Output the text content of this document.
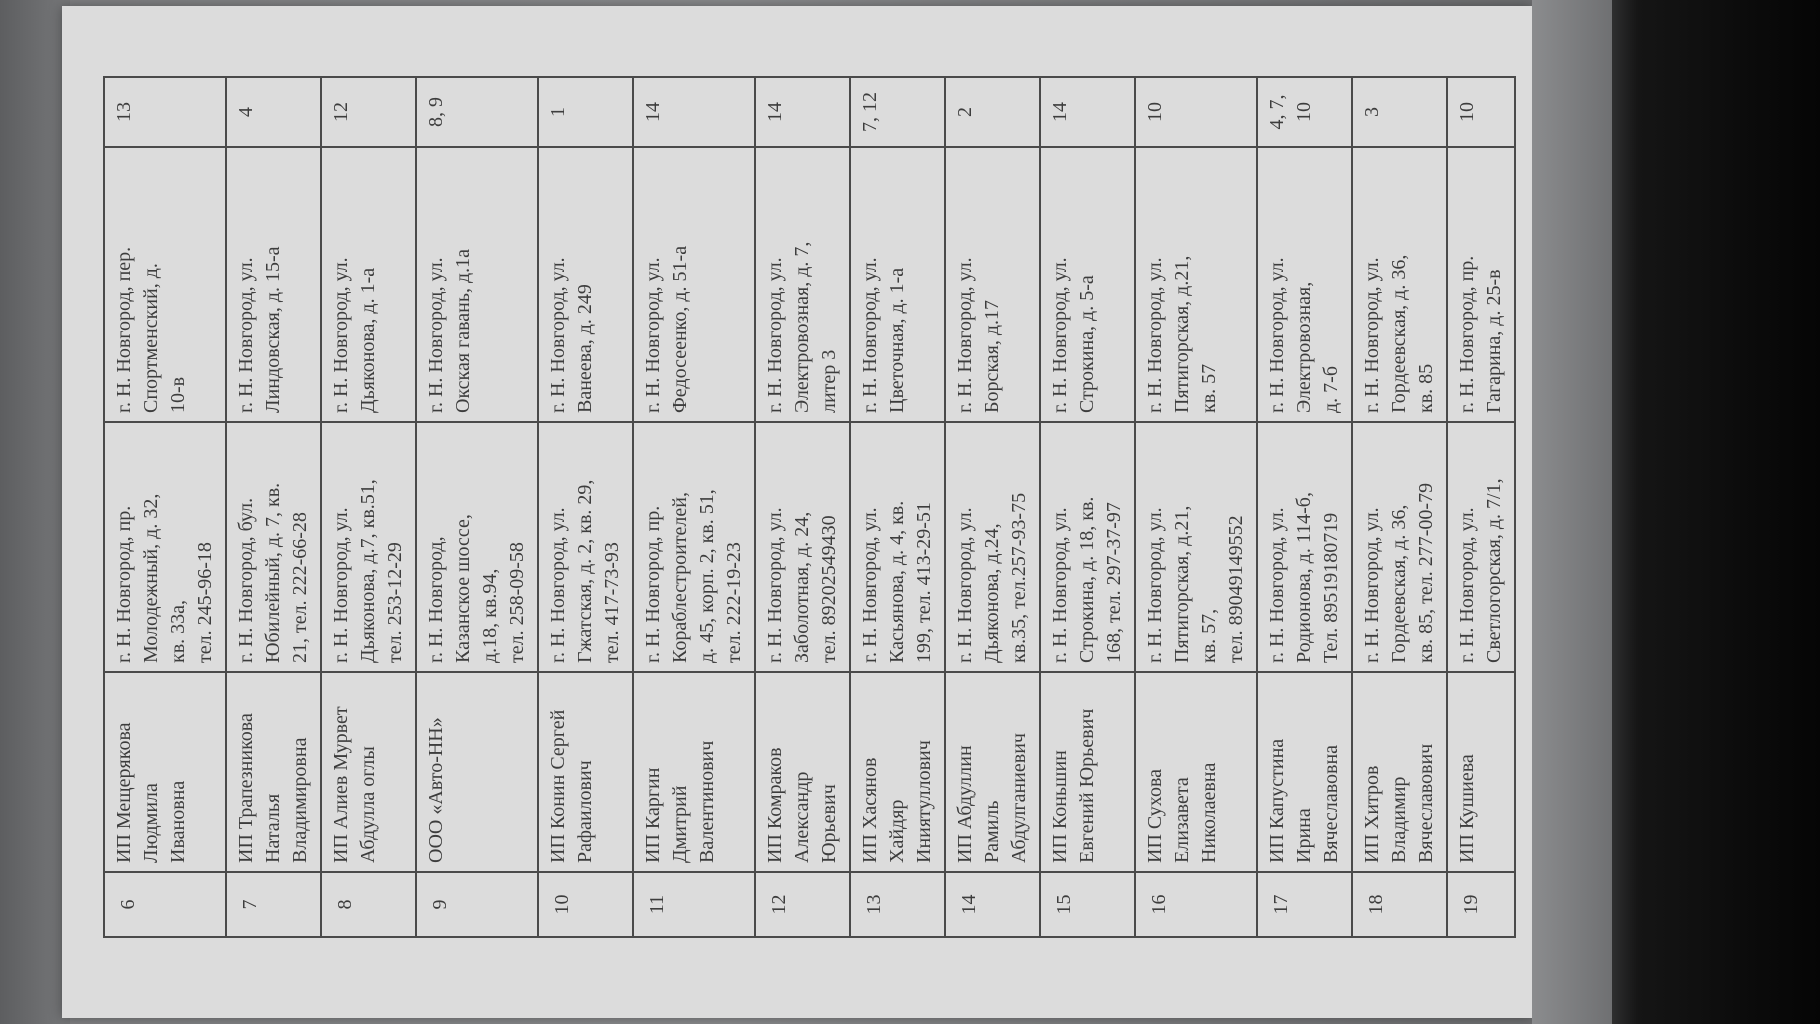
6	ИП Мещерякова
Людмила
Ивановна	г. Н. Новгород, пр.
Молодежный, д. 32,
кв. 33а,
тел. 245-96-18	г. Н. Новгород, пер.
Спортменский, д.
10-в	13
7	ИП Трапезникова
Наталья
Владимировна	г. Н. Новгород, бул.
Юбилейный, д. 7, кв.
21, тел. 222-66-28	г. Н. Новгород, ул.
Линдовская, д. 15-а	4
8	ИП Алиев Мурвет
Абдулла оглы	г. Н. Новгород, ул.
Дьяконова, д.7, кв.51,
тел. 253-12-29	г. Н. Новгород, ул.
Дьяконова, д. 1-а	12
9	ООО «Авто-НН»	г. Н. Новгород,
Казанское шоссе,
д.18, кв.94,
тел. 258-09-58	г. Н. Новгород, ул.
Окская гавань, д.1а	8, 9
10	ИП Конин Сергей
Рафаилович	г. Н. Новгород, ул.
Гжатская, д. 2, кв. 29,
тел. 417-73-93	г. Н. Новгород, ул.
Ванеева, д. 249	1
11	ИП Каргин
Дмитрий
Валентинович	г. Н. Новгород, пр.
Кораблестроителей,
д. 45, корп. 2, кв. 51,
тел. 222-19-23	г. Н. Новгород, ул.
Федосеенко, д. 51-а	14
12	ИП Комраков
Александр
Юрьевич	г. Н. Новгород, ул.
Заболотная, д. 24,
тел. 89202549430	г. Н. Новгород, ул.
Электровозная, д. 7,
литер 3	14
13	ИП Хасянов
Хайдяр
Иниятуллович	г. Н. Новгород, ул.
Касьянова, д. 4, кв.
199, тел. 413-29-51	г. Н. Новгород, ул.
Цветочная, д. 1-а	7, 12
14	ИП Абдуллин
Рамиль
Абдулганиевич	г. Н. Новгород, ул.
Дьяконова, д.24,
кв.35, тел.257-93-75	г. Н. Новгород, ул.
Борская, д.17	2
15	ИП Коньшин
Евгений Юрьевич	г. Н. Новгород, ул.
Строкина, д. 18, кв.
168, тел. 297-37-97	г. Н. Новгород, ул.
Строкина, д. 5-а	14
16	ИП Сухова
Елизавета
Николаевна	г. Н. Новгород, ул.
Пятигорская, д.21,
кв. 57,
тел. 89049149552	г. Н. Новгород, ул.
Пятигорская, д.21,
кв. 57	10
17	ИП Капустина
Ирина
Вячеславовна	г. Н. Новгород, ул.
Родионова, д. 114-б,
Тел. 89519180719	г. Н. Новгород, ул.
Электровозная,
д. 7-б	4, 7, 10
18	ИП Хитров
Владимир
Вячеславович	г. Н. Новгород, ул.
Гордеевская, д. 36,
кв. 85, тел. 277-00-79	г. Н. Новгород, ул.
Гордеевская, д. 36,
кв. 85	3
19	ИП Кушиева	г. Н. Новгород, ул.
Светлогорская, д. 7/1,	г. Н. Новгород, пр.
Гагарина, д. 25-в	10
